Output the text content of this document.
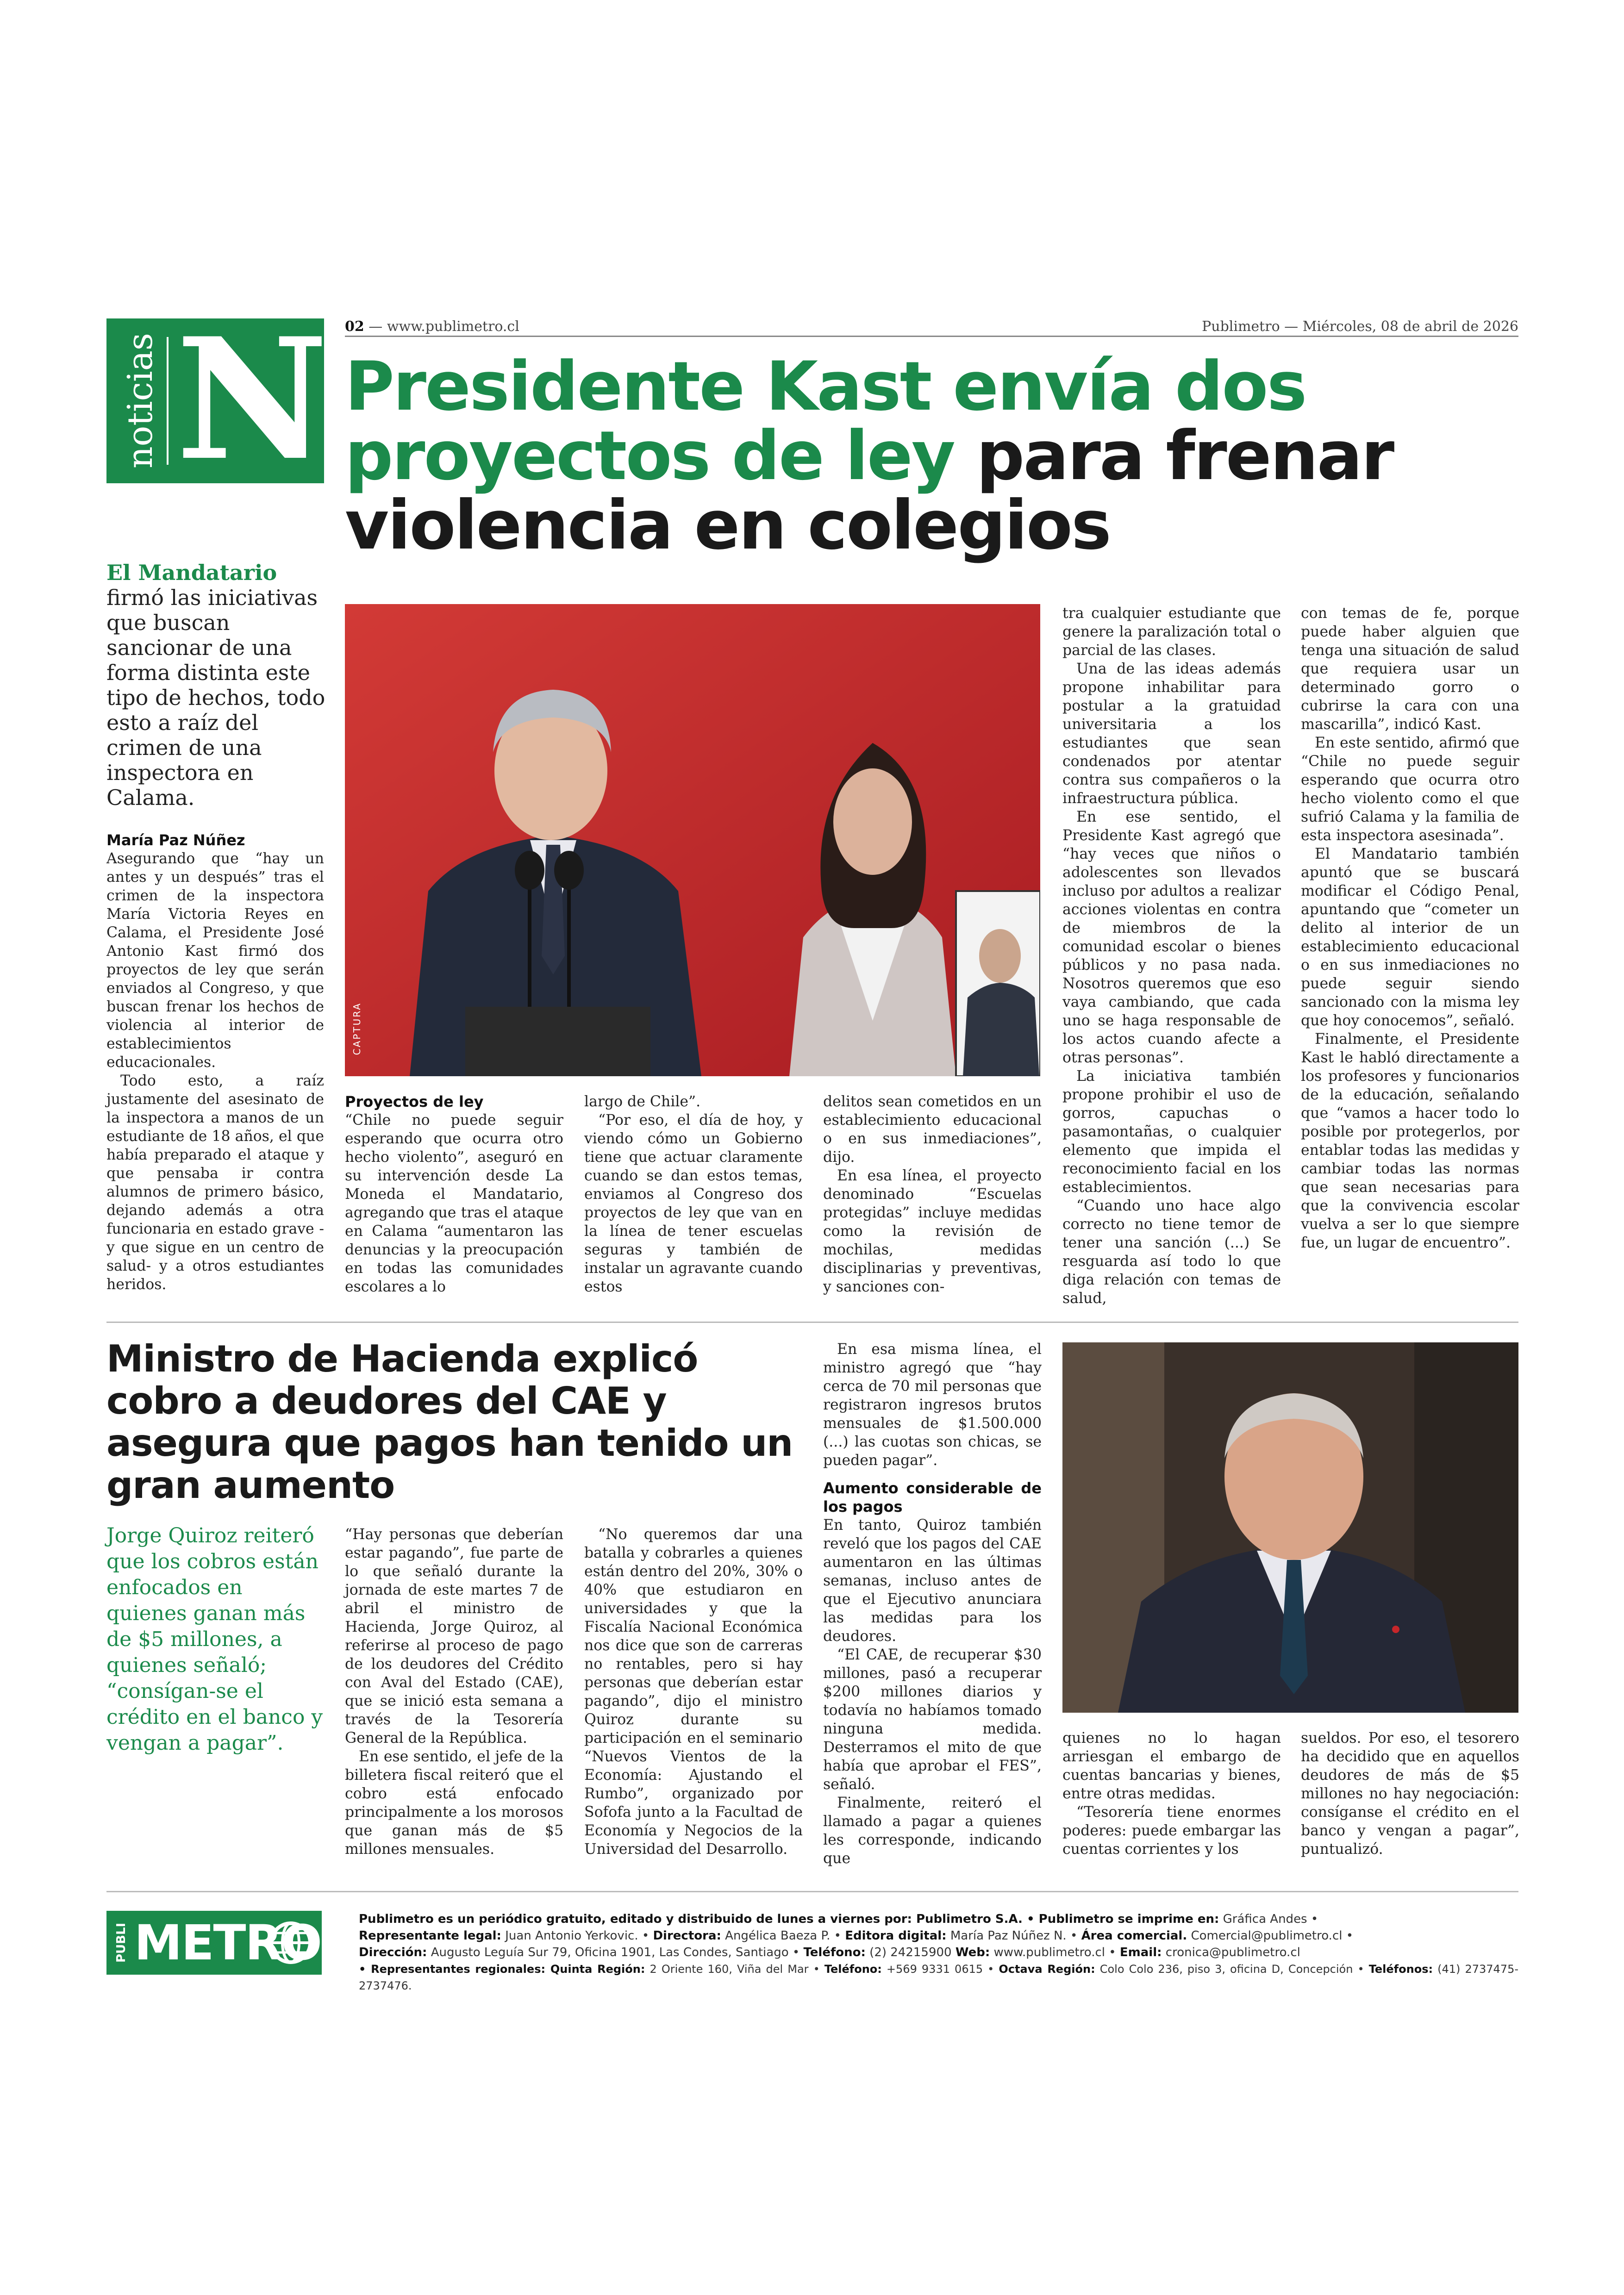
noticias N 02 — www.publimetro.cl	Publimetro — Miércoles, 08 de abril de 2026
Presidente Kast envía dos
proyectos de ley para frenar
violencia en colegios
El Mandatario firmó las iniciativas que buscan sancionar de una forma distinta este tipo de hechos, todo esto a raíz del crimen de una inspectora en Calama.
María Paz Núñez

Asegurando que “hay un antes y un después” tras el crimen de la inspectora María Victoria Reyes en Calama, el Presidente José Antonio Kast firmó dos proyectos de ley que serán enviados al Congreso, y que buscan frenar los hechos de violencia al interior de establecimientos educacionales.

Todo esto, a raíz justamente del asesinato de la inspectora a manos de un estudiante de 18 años, el que había preparado el ataque y que pensaba ir contra alumnos de primero básico, dejando además a otra funcionaria en estado grave -y que sigue en un centro de salud- y a otros estudiantes heridos.

CAPTURA

Proyectos de ley

“Chile no puede seguir esperando que ocurra otro hecho violento”, aseguró en su intervención desde La Moneda el Mandatario, agregando que tras el ataque en Calama “aumentaron las denuncias y la preocupación en todas las comunidades escolares a lo

largo de Chile”.

“Por eso, el día de hoy, y viendo cómo un Gobierno tiene que actuar claramente cuando se dan estos temas, enviamos al Congreso dos proyectos de ley que van en la línea de tener escuelas seguras y también de instalar un agravante cuando estos

delitos sean cometidos en un establecimiento educacional o en sus inmediaciones”, dijo.

En esa línea, el proyecto denominado “Escuelas protegidas” incluye medidas como la revisión de mochilas, medidas disciplinarias y preventivas, y sanciones con-

tra cualquier estudiante que genere la paralización total o parcial de las clases.

Una de las ideas además propone inhabilitar para postular a la gratuidad universitaria a los estudiantes que sean condenados por atentar contra sus compañeros o la infraestructura pública.

En ese sentido, el Presidente Kast agregó que “hay veces que niños o adolescentes son llevados incluso por adultos a realizar acciones violentas en contra de miembros de la comunidad escolar o bienes públicos y no pasa nada. Nosotros queremos que eso vaya cambiando, que cada uno se haga responsable de los actos cuando afecte a otras personas”.

La iniciativa también propone prohibir el uso de gorros, capuchas o pasamontañas, o cualquier elemento que impida el reconocimiento facial en los establecimientos.

“Cuando uno hace algo correcto no tiene temor de tener una sanción (...) Se resguarda así todo lo que diga relación con temas de salud,

con temas de fe, porque puede haber alguien que tenga una situación de salud que requiera usar un determinado gorro o cubrirse la cara con una mascarilla”, indicó Kast.

En este sentido, afirmó que “Chile no puede seguir esperando que ocurra otro hecho violento como el que sufrió Calama y la familia de esta inspectora asesinada”.

El Mandatario también apuntó que se buscará modificar el Código Penal, apuntando que “cometer un delito al interior de un establecimiento educacional o en sus inmediaciones no puede seguir siendo sancionado con la misma ley que hoy conocemos”, señaló.

Finalmente, el Presidente Kast le habló directamente a los profesores y funcionarios de la educación, señalando que “vamos a hacer todo lo posible por protegerlos, por entablar todas las medidas y cambiar todas las normas que sean necesarias para que la convivencia escolar vuelva a ser lo que siempre fue, un lugar de encuentro”.

Ministro de Hacienda explicó cobro a deudores del CAE y asegura que pagos han tenido un gran aumento
Jorge Quiroz reiteró que los cobros están enfocados en quienes ganan más de $5 millones, a quienes señaló; “consígan-se el crédito en el banco y vengan a pagar”.

“Hay personas que deberían estar pagando”, fue parte de lo que señaló durante la jornada de este martes 7 de abril el ministro de Hacienda, Jorge Quiroz, al referirse al proceso de pago de los deudores del Crédito con Aval del Estado (CAE), que se inició esta semana a través de la Tesorería General de la República.

En ese sentido, el jefe de la billetera fiscal reiteró que el cobro está enfocado principalmente a los morosos que ganan más de $5 millones mensuales.

“No queremos dar una batalla y cobrarles a quienes están dentro del 20%, 30% o 40% que estudiaron en universidades y que la Fiscalía Nacional Económica nos dice que son de carreras no rentables, pero si hay personas que deberían estar pagando”, dijo el ministro Quiroz durante su participación en el seminario “Nuevos Vientos de la Economía: Ajustando el Rumbo”, organizado por Sofofa junto a la Facultad de Economía y Negocios de la Universidad del Desarrollo.

En esa misma línea, el ministro agregó que “hay cerca de 70 mil personas que registraron ingresos brutos mensuales de $1.500.000 (...) las cuotas son chicas, se pueden pagar”.

Aumento considerable de los pagos

En tanto, Quiroz también reveló que los pagos del CAE aumentaron en las últimas semanas, incluso antes de que el Ejecutivo anunciara las medidas para los deudores.

“El CAE, de recuperar $30 millones, pasó a recuperar $200 millones diarios y todavía no habíamos tomado ninguna medida. Desterramos el mito de que había que aprobar el FES”, señaló.

Finalmente, reiteró el llamado a pagar a quienes les corresponde, indicando que

quienes no lo hagan arriesgan el embargo de cuentas bancarias y bienes, entre otras medidas.

“Tesorería tiene enormes poderes: puede embargar las cuentas corrientes y los

sueldos. Por eso, el tesorero ha decidido que en aquellos deudores de más de $5 millones no hay negociación: consíganse el crédito en el banco y vengan a pagar”, puntualizó.

PUBLI METRO	Publimetro es un periódico gratuito, editado y distribuido de lunes a viernes por: Publimetro S.A. • Publimetro se imprime en: Gráfica Andes •
Representante legal: Juan Antonio Yerkovic. • Directora: Angélica Baeza P. • Editora digital: María Paz Núñez N. • Área comercial. Comercial@publimetro.cl •
Dirección: Augusto Leguía Sur 79, Oficina 1901, Las Condes, Santiago • Teléfono: (2) 24215900 Web: www.publimetro.cl • Email: cronica@publimetro.cl
• Representantes regionales: Quinta Región: 2 Oriente 160, Viña del Mar • Teléfono: +569 9331 0615 • Octava Región: Colo Colo 236, piso 3, oficina D, Concepción • Teléfonos: (41) 2737475-2737476.
